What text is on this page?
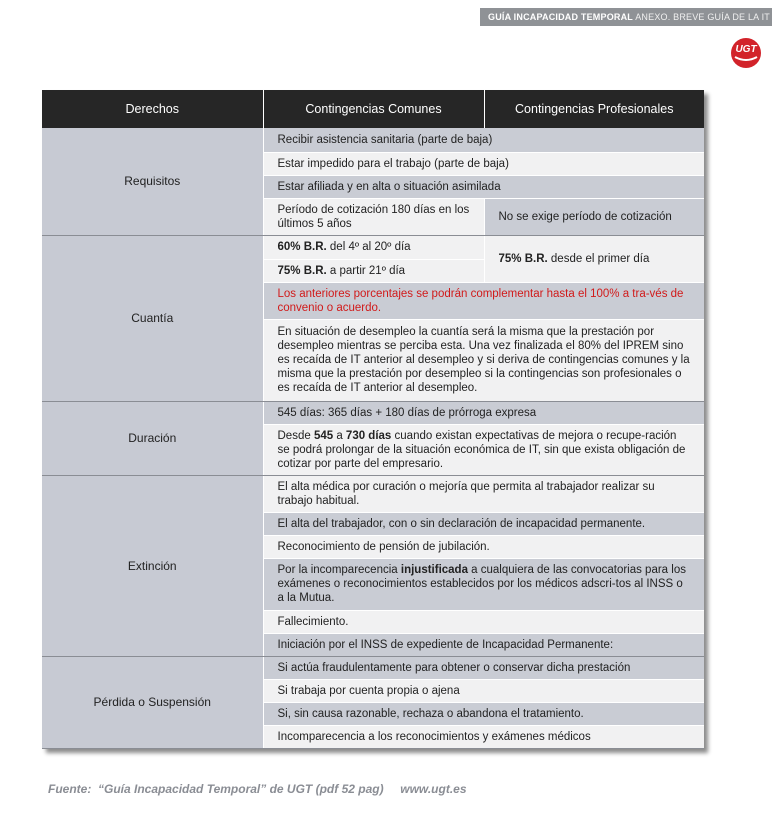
GUÍA INCAPACIDAD TEMPORAL ANEXO. BREVE GUÍA DE LA IT
UGT
Derechos	Contingencias Comunes	Contingencias Profesionales
Requisitos	Recibir asistencia sanitaria (parte de baja)	
	Estar impedido para el trabajo (parte de baja)	
	Estar afiliada y en alta o situación asimilada	
	Período de cotización 180 días en los últimos 5 años	No se exige período de cotización
Cuantía	60% B.R. del 4º al 20º día	75% B.R. desde el primer día
	75% B.R. a partir 21º día	
	Los anteriores porcentajes se podrán complementar hasta el 100% a tra-vés de convenio o acuerdo.	
	En situación de desempleo la cuantía será la misma que la prestación por desempleo mientras se perciba esta. Una vez finalizada el 80% del IPREM sino es recaída de IT anterior al desempleo y si deriva de contingencias comunes y la misma que la prestación por desempleo si la contingencias son profesionales o es recaída de IT anterior al desempleo.	
Duración	545 días: 365 días + 180 días de prórroga expresa	
	Desde 545 a 730 días cuando existan expectativas de mejora o recupe-ración se podrá prolongar de la situación económica de IT, sin que exista obligación de cotizar por parte del empresario.	
Extinción	El alta médica por curación o mejoría que permita al trabajador realizar su trabajo habitual.	
	El alta del trabajador, con o sin declaración de incapacidad permanente.	
	Reconocimiento de pensión de jubilación.	
	Por la incomparecencia injustificada a cualquiera de las convocatorias para los exámenes o reconocimientos establecidos por los médicos adscri-tos al INSS o a la Mutua.	
	Fallecimiento.	
	Iniciación por el INSS de expediente de Incapacidad Permanente:	
Pérdida o Suspensión	Si actúa fraudulentamente para obtener o conservar dicha prestación	
	Si trabaja por cuenta propia o ajena	
	Si, sin causa razonable, rechaza o abandona el tratamiento.	
	Incomparecencia a los reconocimientos y exámenes médicos	
Fuente:  “Guía Incapacidad Temporal” de UGT (pdf 52 pag)     www.ugt.es
